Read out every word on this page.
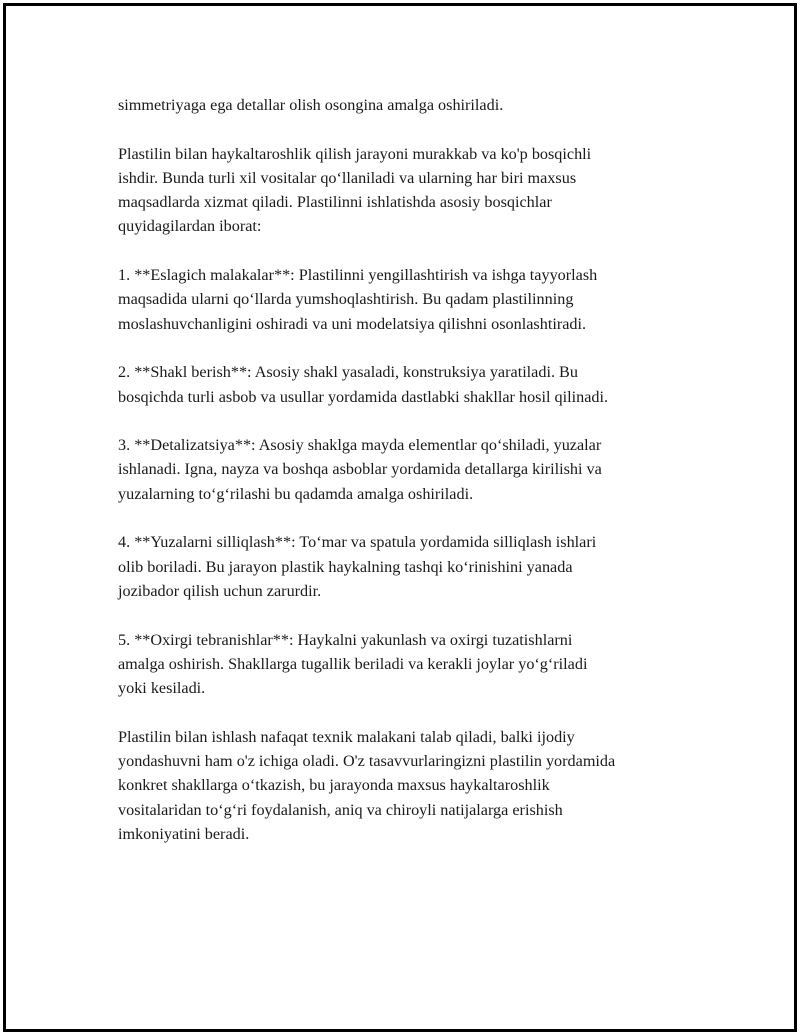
simmetriyaga ega detallar olish osongina amalga oshiriladi.

Plastilin bilan haykaltaroshlik qilish jarayoni murakkab va ko'p bosqichli
ishdir. Bunda turli xil vositalar qo‘llaniladi va ularning har biri maxsus
maqsadlarda xizmat qiladi. Plastilinni ishlatishda asosiy bosqichlar
quyidagilardan iborat:

1. **Eslagich malakalar**: Plastilinni yengillashtirish va ishga tayyorlash
maqsadida ularni qo‘llarda yumshoqlashtirish. Bu qadam plastilinning
moslashuvchanligini oshiradi va uni modelatsiya qilishni osonlashtiradi.

2. **Shakl berish**: Asosiy shakl yasaladi, konstruksiya yaratiladi. Bu
bosqichda turli asbob va usullar yordamida dastlabki shakllar hosil qilinadi.

3. **Detalizatsiya**: Asosiy shaklga mayda elementlar qo‘shiladi, yuzalar
ishlanadi. Igna, nayza va boshqa asboblar yordamida detallarga kirilishi va
yuzalarning to‘g‘rilashi bu qadamda amalga oshiriladi.

4. **Yuzalarni silliqlash**: To‘mar va spatula yordamida silliqlash ishlari
olib boriladi. Bu jarayon plastik haykalning tashqi ko‘rinishini yanada
jozibador qilish uchun zarurdir.

5. **Oxirgi tebranishlar**: Haykalni yakunlash va oxirgi tuzatishlarni
amalga oshirish. Shakllarga tugallik beriladi va kerakli joylar yo‘g‘riladi
yoki kesiladi.

Plastilin bilan ishlash nafaqat texnik malakani talab qiladi, balki ijodiy
yondashuvni ham o'z ichiga oladi. O'z tasavvurlaringizni plastilin yordamida
konkret shakllarga o‘tkazish, bu jarayonda maxsus haykaltaroshlik
vositalaridan to‘g‘ri foydalanish, aniq va chiroyli natijalarga erishish
imkoniyatini beradi.
